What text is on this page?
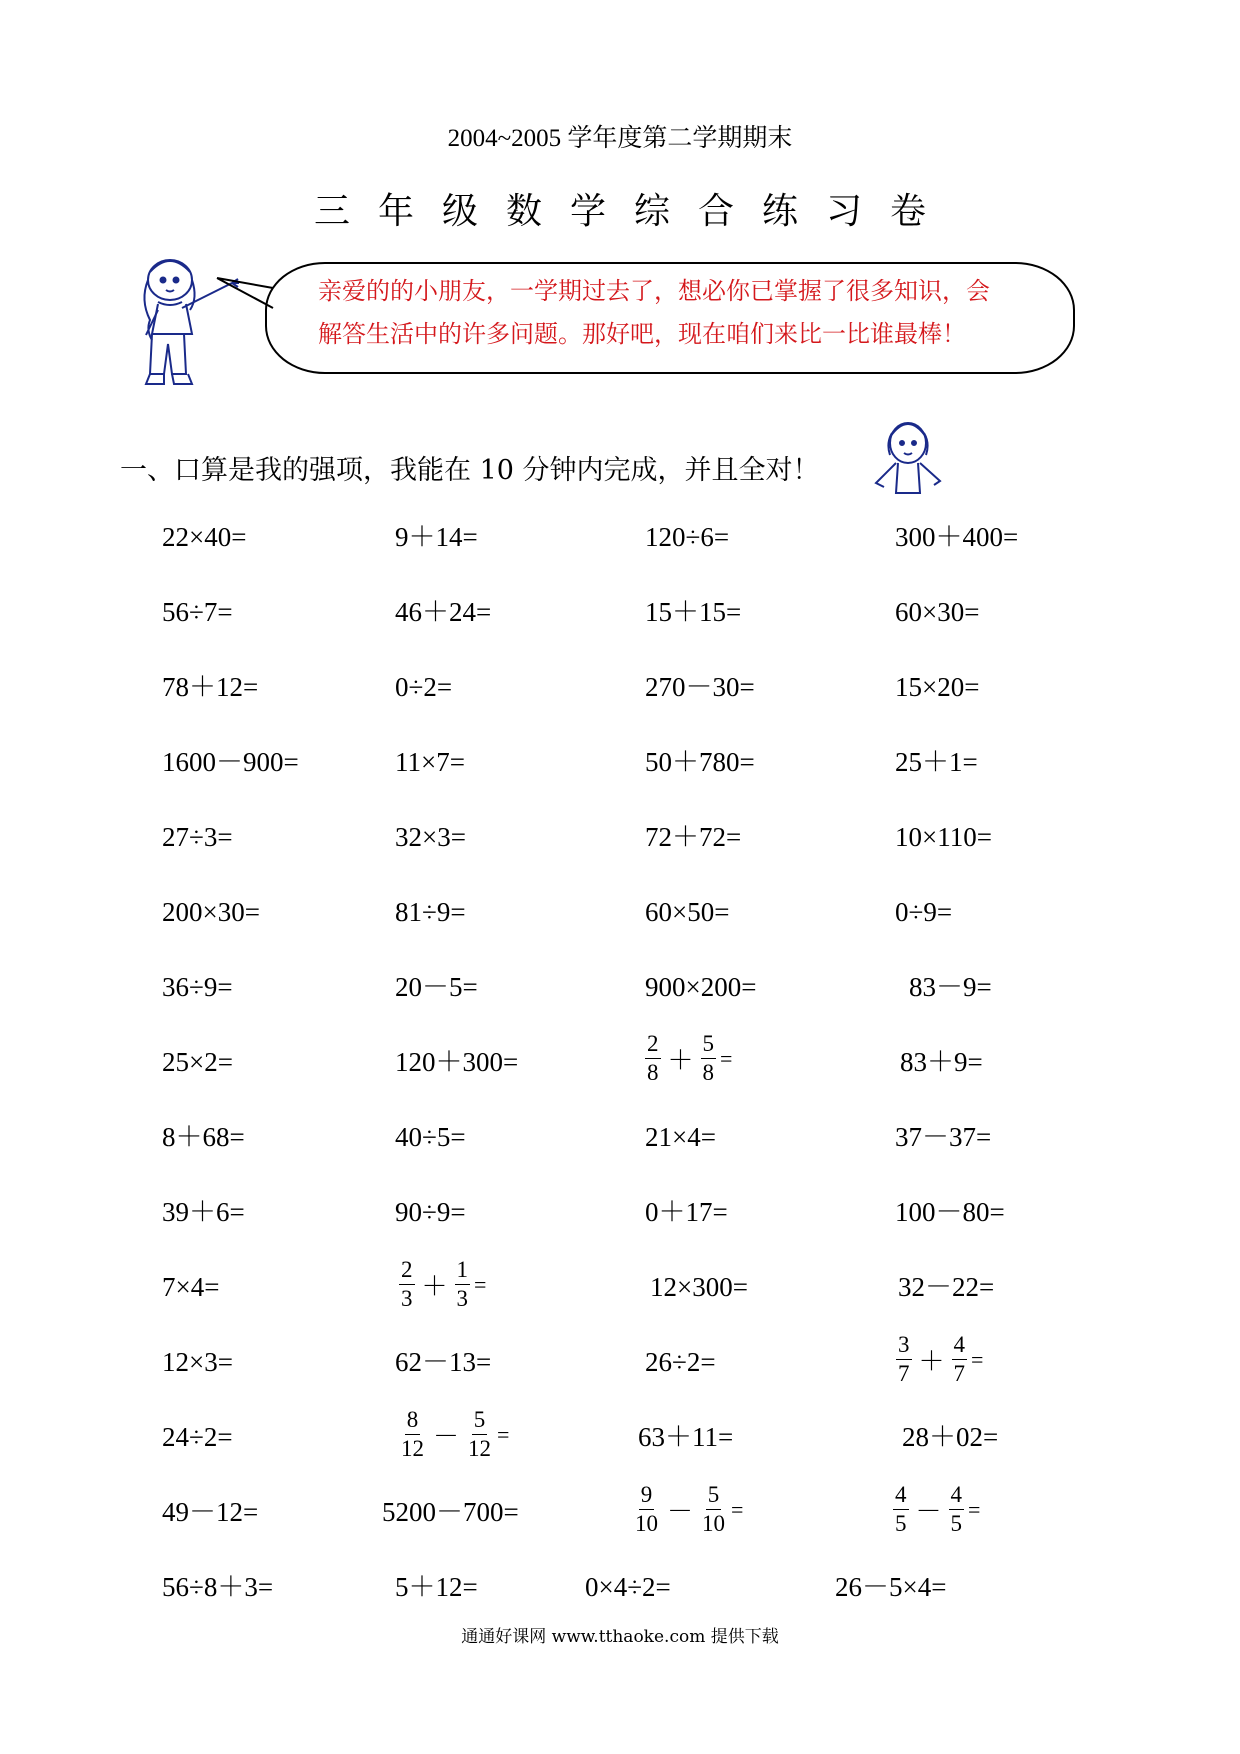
2004~2005 学年度第二学期期末
三年级数学综合练习卷
亲爱的的小朋友，一学期过去了，想必你已掌握了很多知识，会
解答生活中的许多问题。那好吧，现在咱们来比一比谁最棒！
一、口算是我的强项，我能在 10 分钟内完成，并且全对！
22×40=	9＋14=	120÷6=	300＋400=
56÷7=	46＋24=	15＋15=	60×30=
78＋12=	0÷2=	270－30=	15×20=
1600－900=	11×7=	50＋780=	25＋1=
27÷3=	32×3=	72＋72=	10×110=
200×30=	81÷9=	60×50=	0÷9=
36÷9=	20－5=	900×200=	83－9=
25×2=	120＋300=	$\frac{2}{8} + \frac{5}{8}$ =	83＋9=
8＋68=	40÷5=	21×4=	37－37=
39＋6=	90÷9=	0＋17=	100－80=
7×4=	$\frac{2}{3} + \frac{1}{3}$ =	12×300=	32－22=
12×3=	62－13=	26÷2=	$\frac{3}{7} + \frac{4}{7}$ =
24÷2=	$\frac{8}{12} - \frac{5}{12}$ =	63＋11=	28＋02=
49－12=	5200－700=	$\frac{9}{10} - \frac{5}{10}$ =	$\frac{4}{5} - \frac{4}{5}$ =
56÷8＋3=	5＋12=	0×4÷2=	26－5×4=
通通好课网 www.tthaoke.com 提供下载
